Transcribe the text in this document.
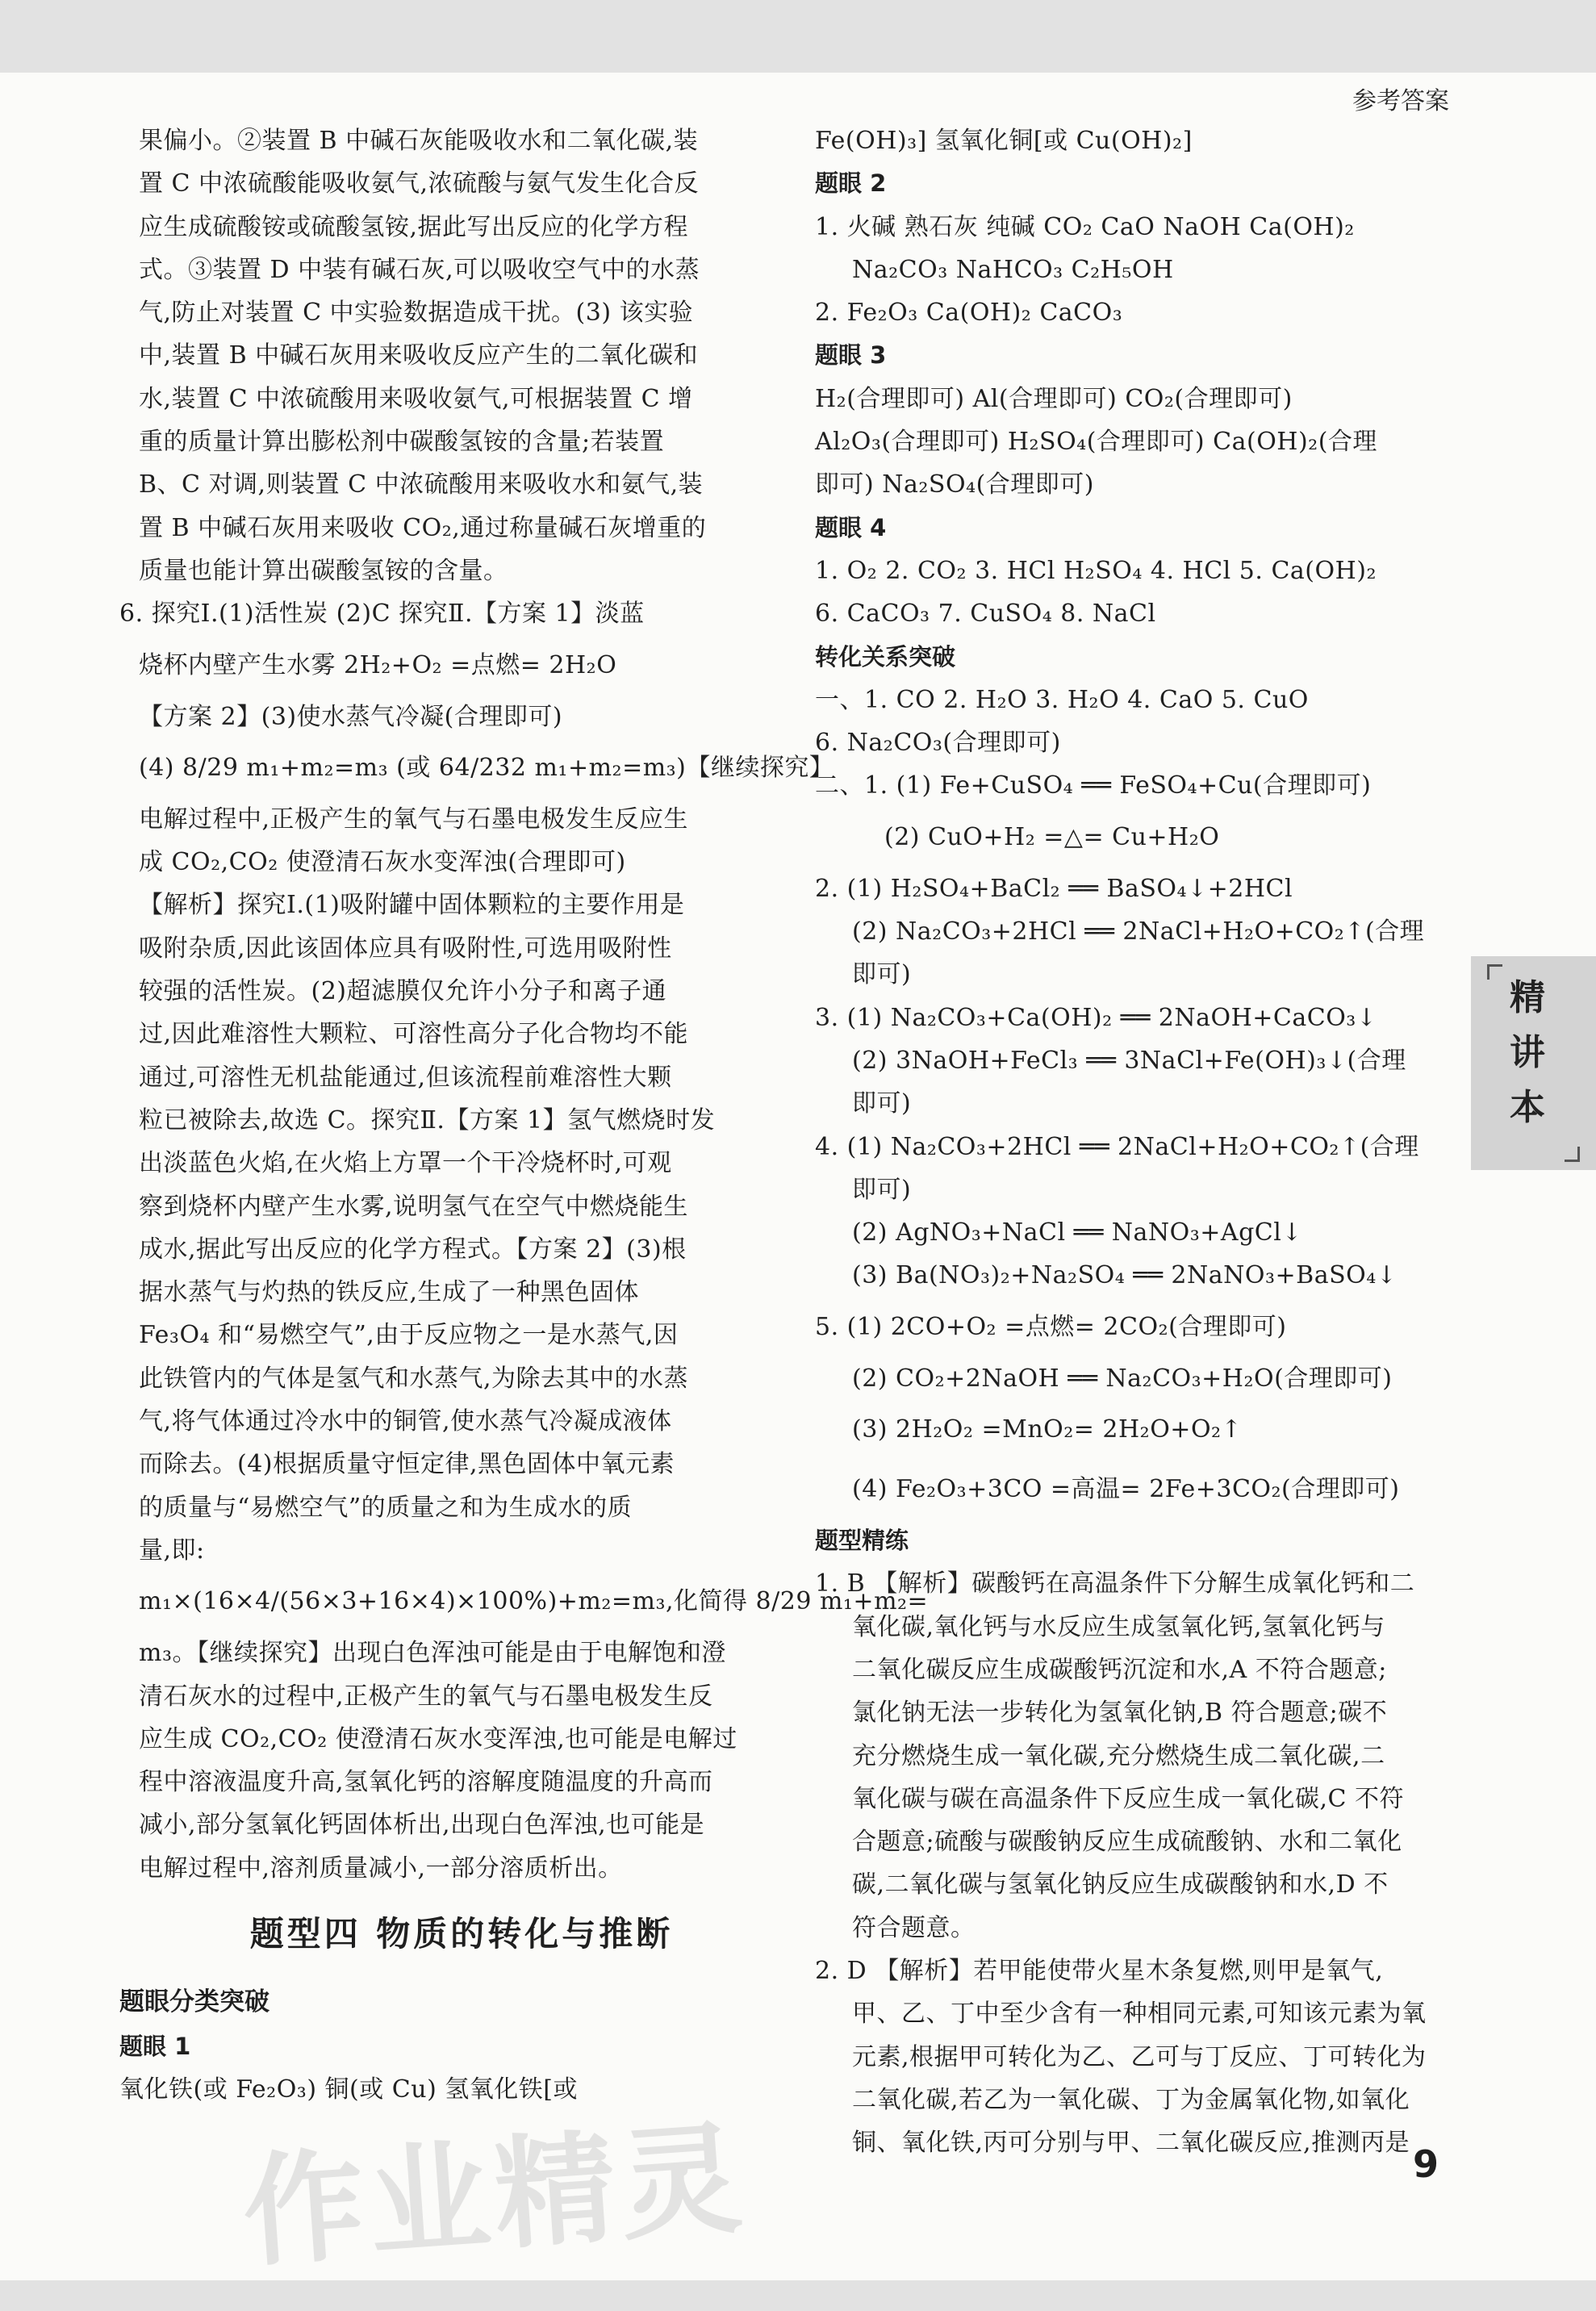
参考答案
果偏小。②装置 B 中碱石灰能吸收水和二氧化碳,装
置 C 中浓硫酸能吸收氨气,浓硫酸与氨气发生化合反
应生成硫酸铵或硫酸氢铵,据此写出反应的化学方程
式。③装置 D 中装有碱石灰,可以吸收空气中的水蒸
气,防止对装置 C 中实验数据造成干扰。(3) 该实验
中,装置 B 中碱石灰用来吸收反应产生的二氧化碳和
水,装置 C 中浓硫酸用来吸收氨气,可根据装置 C 增
重的质量计算出膨松剂中碳酸氢铵的含量;若装置
B、C 对调,则装置 C 中浓硫酸用来吸收水和氨气,装
置 B 中碱石灰用来吸收 CO₂,通过称量碱石灰增重的
质量也能计算出碳酸氢铵的含量。
6. 探究Ⅰ.(1)活性炭 (2)C 探究Ⅱ.【方案 1】淡蓝
烧杯内壁产生水雾 2H₂+O₂ =点燃= 2H₂O
【方案 2】(3)使水蒸气冷凝(合理即可)
(4) 8/29 m₁+m₂=m₃ (或 64/232 m₁+m₂=m₃)【继续探究】
电解过程中,正极产生的氧气与石墨电极发生反应生
成 CO₂,CO₂ 使澄清石灰水变浑浊(合理即可)
【解析】探究Ⅰ.(1)吸附罐中固体颗粒的主要作用是
吸附杂质,因此该固体应具有吸附性,可选用吸附性
较强的活性炭。(2)超滤膜仅允许小分子和离子通
过,因此难溶性大颗粒、可溶性高分子化合物均不能
通过,可溶性无机盐能通过,但该流程前难溶性大颗
粒已被除去,故选 C。探究Ⅱ.【方案 1】氢气燃烧时发
出淡蓝色火焰,在火焰上方罩一个干冷烧杯时,可观
察到烧杯内壁产生水雾,说明氢气在空气中燃烧能生
成水,据此写出反应的化学方程式。【方案 2】(3)根
据水蒸气与灼热的铁反应,生成了一种黑色固体
Fe₃O₄ 和“易燃空气”,由于反应物之一是水蒸气,因
此铁管内的气体是氢气和水蒸气,为除去其中的水蒸
气,将气体通过冷水中的铜管,使水蒸气冷凝成液体
而除去。(4)根据质量守恒定律,黑色固体中氧元素
的质量与“易燃空气”的质量之和为生成水的质
量,即:
m₁×(16×4/(56×3+16×4)×100%)+m₂=m₃,化简得 8/29 m₁+m₂=
m₃。【继续探究】出现白色浑浊可能是由于电解饱和澄
清石灰水的过程中,正极产生的氧气与石墨电极发生反
应生成 CO₂,CO₂ 使澄清石灰水变浑浊,也可能是电解过
程中溶液温度升高,氢氧化钙的溶解度随温度的升高而
减小,部分氢氧化钙固体析出,出现白色浑浊,也可能是
电解过程中,溶剂质量减小,一部分溶质析出。
题型四 物质的转化与推断
题眼分类突破
题眼 1
氧化铁(或 Fe₂O₃) 铜(或 Cu) 氢氧化铁[或
Fe(OH)₃] 氢氧化铜[或 Cu(OH)₂]
题眼 2
1. 火碱 熟石灰 纯碱 CO₂ CaO NaOH Ca(OH)₂
Na₂CO₃ NaHCO₃ C₂H₅OH
2. Fe₂O₃ Ca(OH)₂ CaCO₃
题眼 3
H₂(合理即可) Al(合理即可) CO₂(合理即可)
Al₂O₃(合理即可) H₂SO₄(合理即可) Ca(OH)₂(合理
即可) Na₂SO₄(合理即可)
题眼 4
1. O₂ 2. CO₂ 3. HCl H₂SO₄ 4. HCl 5. Ca(OH)₂
6. CaCO₃ 7. CuSO₄ 8. NaCl
转化关系突破
一、1. CO 2. H₂O 3. H₂O 4. CaO 5. CuO
6. Na₂CO₃(合理即可)
二、1. (1) Fe+CuSO₄ ══ FeSO₄+Cu(合理即可)
(2) CuO+H₂ =△= Cu+H₂O
2. (1) H₂SO₄+BaCl₂ ══ BaSO₄↓+2HCl
(2) Na₂CO₃+2HCl ══ 2NaCl+H₂O+CO₂↑(合理
即可)
3. (1) Na₂CO₃+Ca(OH)₂ ══ 2NaOH+CaCO₃↓
(2) 3NaOH+FeCl₃ ══ 3NaCl+Fe(OH)₃↓(合理
即可)
4. (1) Na₂CO₃+2HCl ══ 2NaCl+H₂O+CO₂↑(合理
即可)
(2) AgNO₃+NaCl ══ NaNO₃+AgCl↓
(3) Ba(NO₃)₂+Na₂SO₄ ══ 2NaNO₃+BaSO₄↓
5. (1) 2CO+O₂ =点燃= 2CO₂(合理即可)
(2) CO₂+2NaOH ══ Na₂CO₃+H₂O(合理即可)
(3) 2H₂O₂ =MnO₂= 2H₂O+O₂↑
(4) Fe₂O₃+3CO =高温= 2Fe+3CO₂(合理即可)
题型精练
1. B 【解析】碳酸钙在高温条件下分解生成氧化钙和二
氧化碳,氧化钙与水反应生成氢氧化钙,氢氧化钙与
二氧化碳反应生成碳酸钙沉淀和水,A 不符合题意;
氯化钠无法一步转化为氢氧化钠,B 符合题意;碳不
充分燃烧生成一氧化碳,充分燃烧生成二氧化碳,二
氧化碳与碳在高温条件下反应生成一氧化碳,C 不符
合题意;硫酸与碳酸钠反应生成硫酸钠、水和二氧化
碳,二氧化碳与氢氧化钠反应生成碳酸钠和水,D 不
符合题意。
2. D 【解析】若甲能使带火星木条复燃,则甲是氧气,
甲、乙、丁中至少含有一种相同元素,可知该元素为氧
元素,根据甲可转化为乙、乙可与丁反应、丁可转化为
二氧化碳,若乙为一氧化碳、丁为金属氧化物,如氧化
铜、氧化铁,丙可分别与甲、二氧化碳反应,推测丙是
精讲本
作业精灵	9
